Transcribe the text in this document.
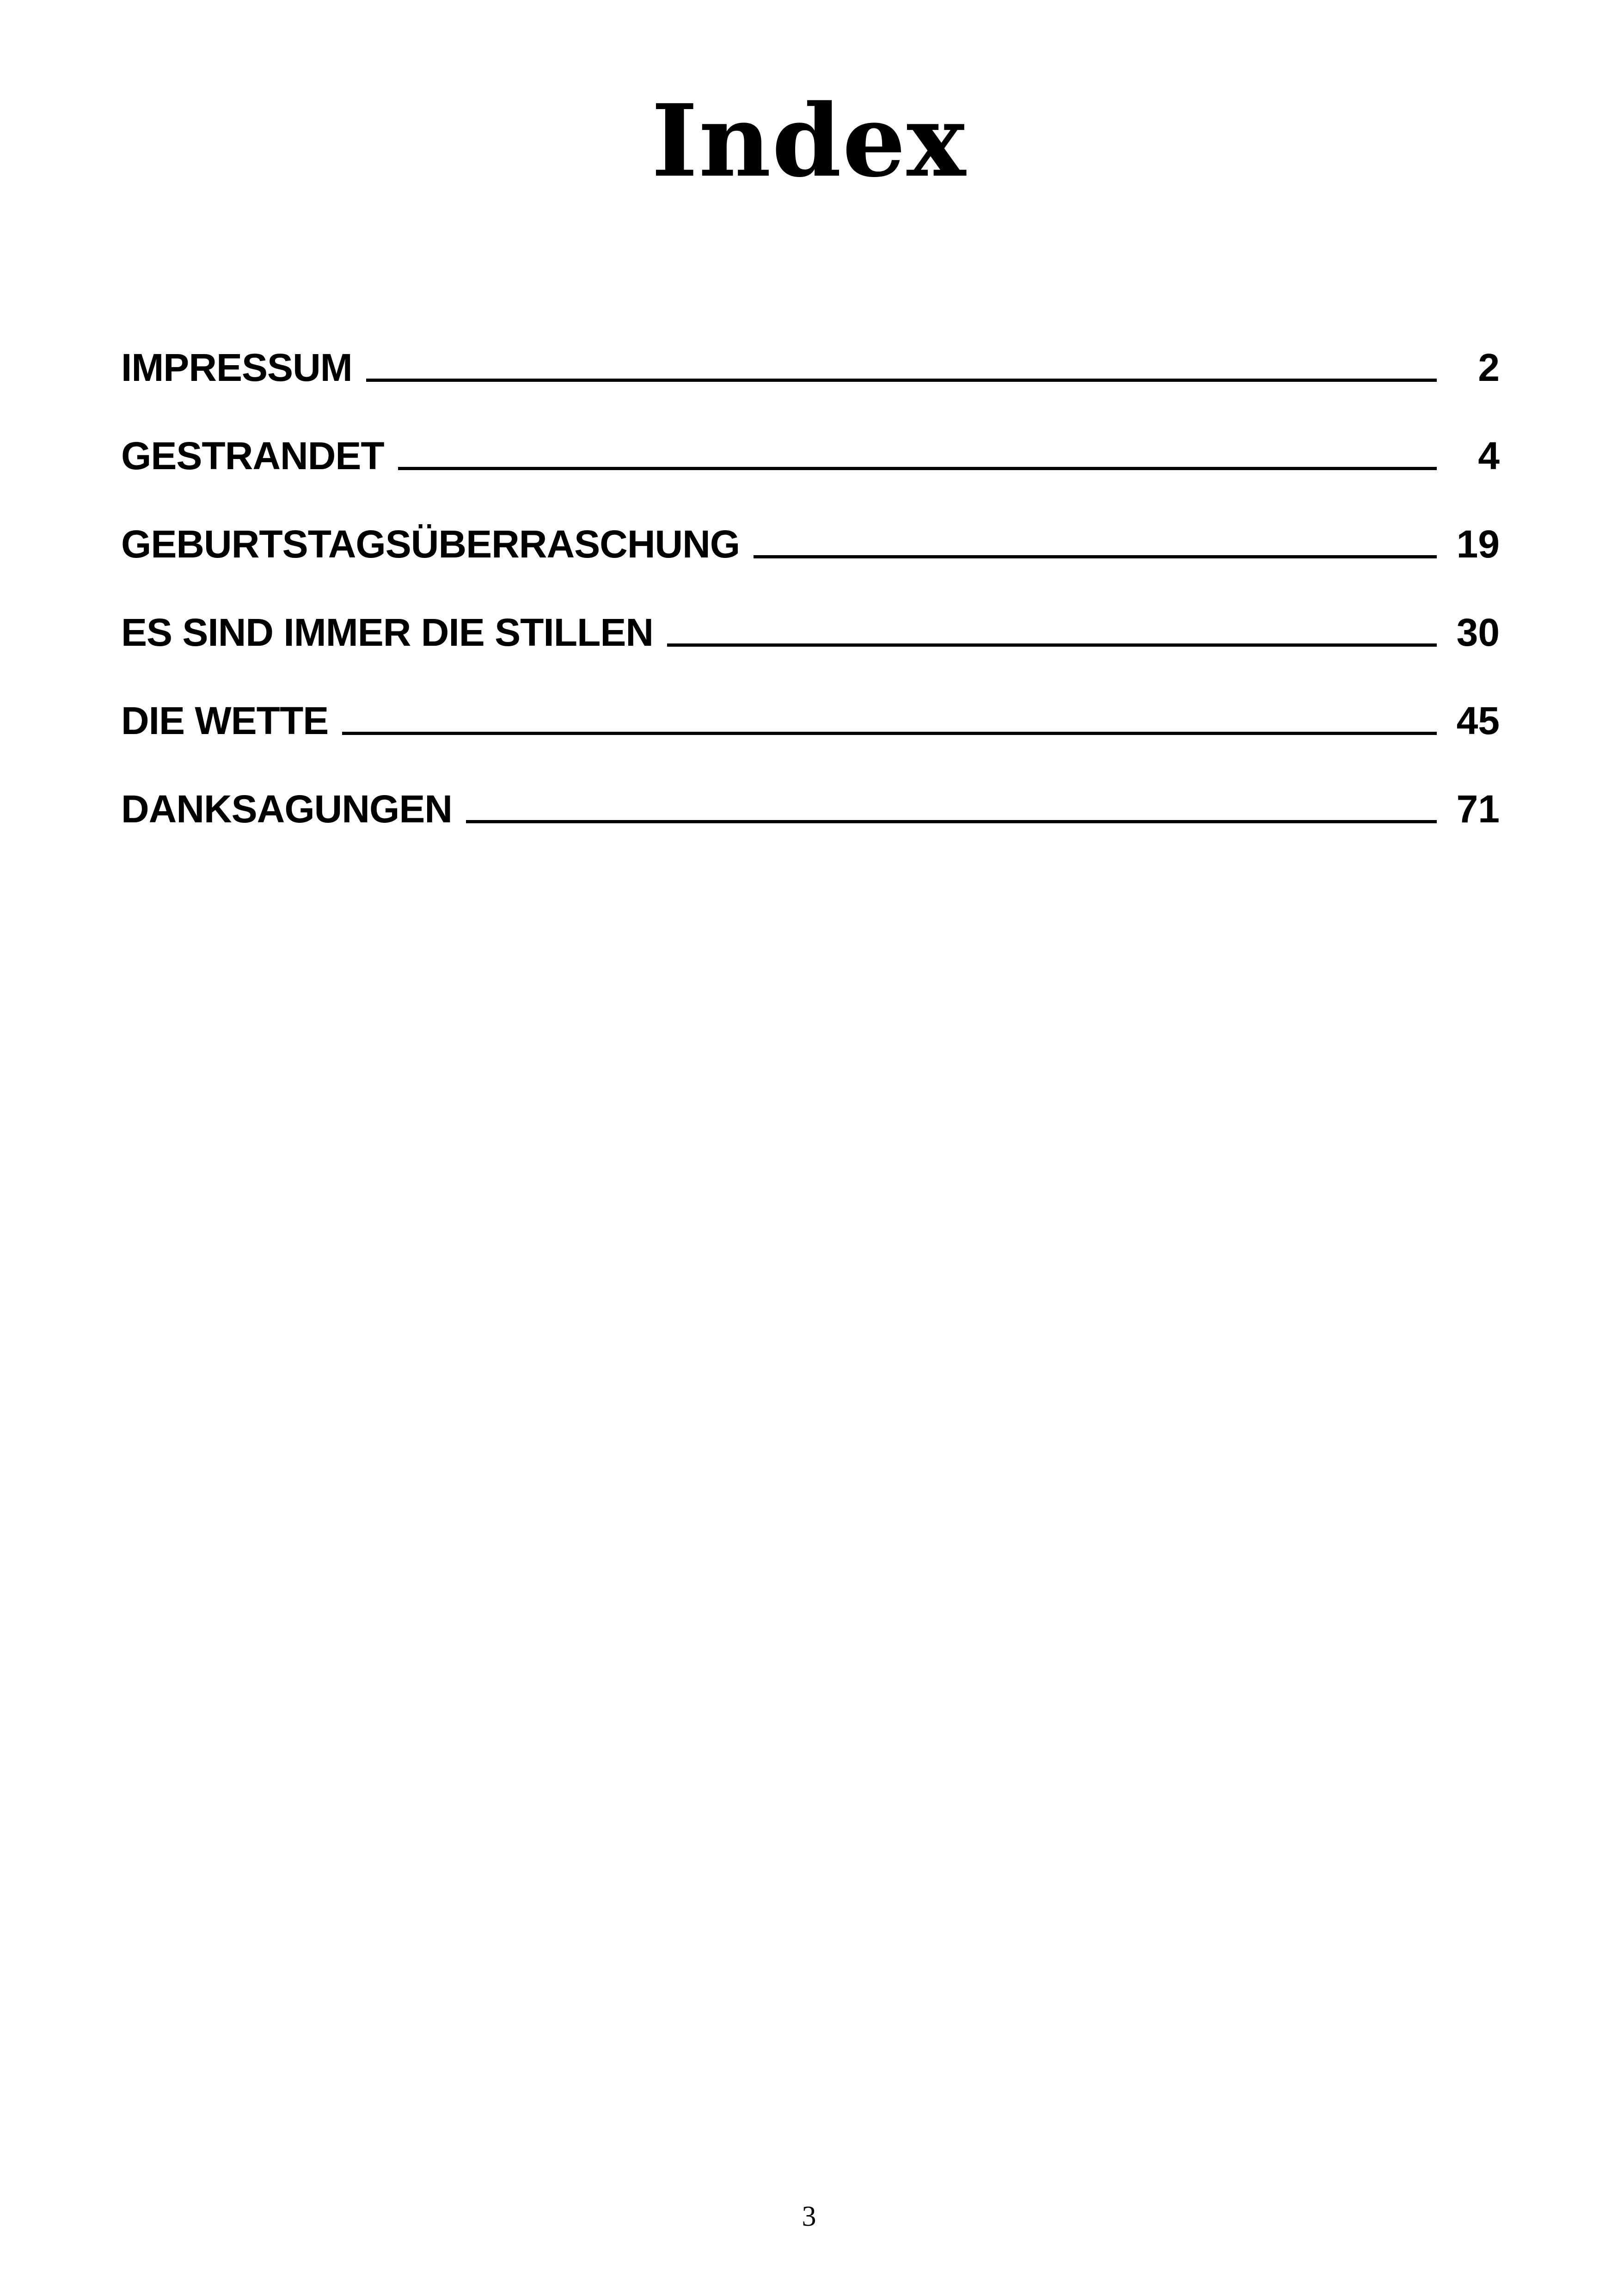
Index
IMPRESSUM	2
GESTRANDET	4
GEBURTSTAGSÜBERRASCHUNG	19
ES SIND IMMER DIE STILLEN	30
DIE WETTE	45
DANKSAGUNGEN	71
3
